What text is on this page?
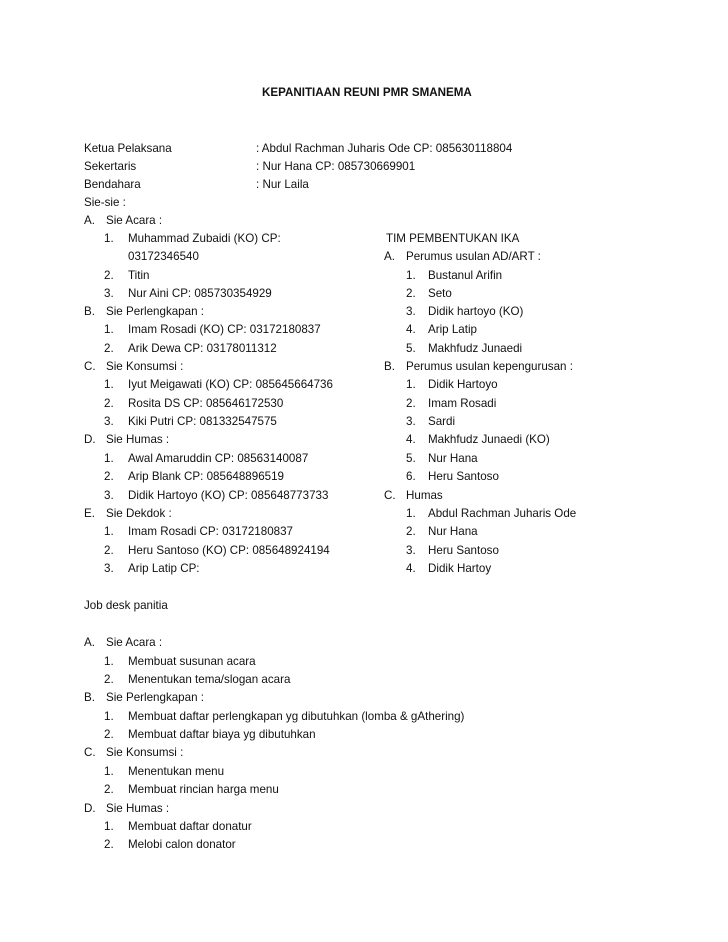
KEPANITIAAN REUNI PMR SMANEMA
Ketua Pelaksana	: Abdul Rachman Juharis Ode CP: 085630118804
Sekertaris	: Nur Hana CP: 085730669901
Bendahara	: Nur Laila
Sie-sie :
A. Sie Acara :
1. Muhammad Zubaidi (KO) CP:
03172346540
2. Titin
3. Nur Aini CP: 085730354929
B. Sie Perlengkapan :
1. Imam Rosadi (KO) CP: 03172180837
2. Arik Dewa CP: 03178011312
C. Sie Konsumsi :
1. Iyut Meigawati (KO) CP: 085645664736
2. Rosita DS CP: 085646172530
3. Kiki Putri CP: 081332547575
D. Sie Humas :
1. Awal Amaruddin CP: 08563140087
2. Arip Blank CP: 085648896519
3. Didik Hartoyo (KO) CP: 085648773733
E. Sie Dekdok :
1. Imam Rosadi CP: 03172180837
2. Heru Santoso (KO) CP: 085648924194
3. Arip Latip CP:
TIM PEMBENTUKAN IKA
A. Perumus usulan AD/ART :
1. Bustanul Arifin
2. Seto
3. Didik hartoyo (KO)
4. Arip Latip
5. Makhfudz Junaedi
B. Perumus usulan kepengurusan :
1. Didik Hartoyo
2. Imam Rosadi
3. Sardi
4. Makhfudz Junaedi (KO)
5. Nur Hana
6. Heru Santoso
C. Humas
1. Abdul Rachman Juharis Ode
2. Nur Hana
3. Heru Santoso
4. Didik Hartoy
Job desk panitia
A. Sie Acara :
1. Membuat susunan acara
2. Menentukan tema/slogan acara
B. Sie Perlengkapan :
1. Membuat daftar perlengkapan yg dibutuhkan (lomba & gAthering)
2. Membuat daftar biaya yg dibutuhkan
C. Sie Konsumsi :
1. Menentukan menu
2. Membuat rincian harga menu
D. Sie Humas :
1. Membuat daftar donatur
2. Melobi calon donator
